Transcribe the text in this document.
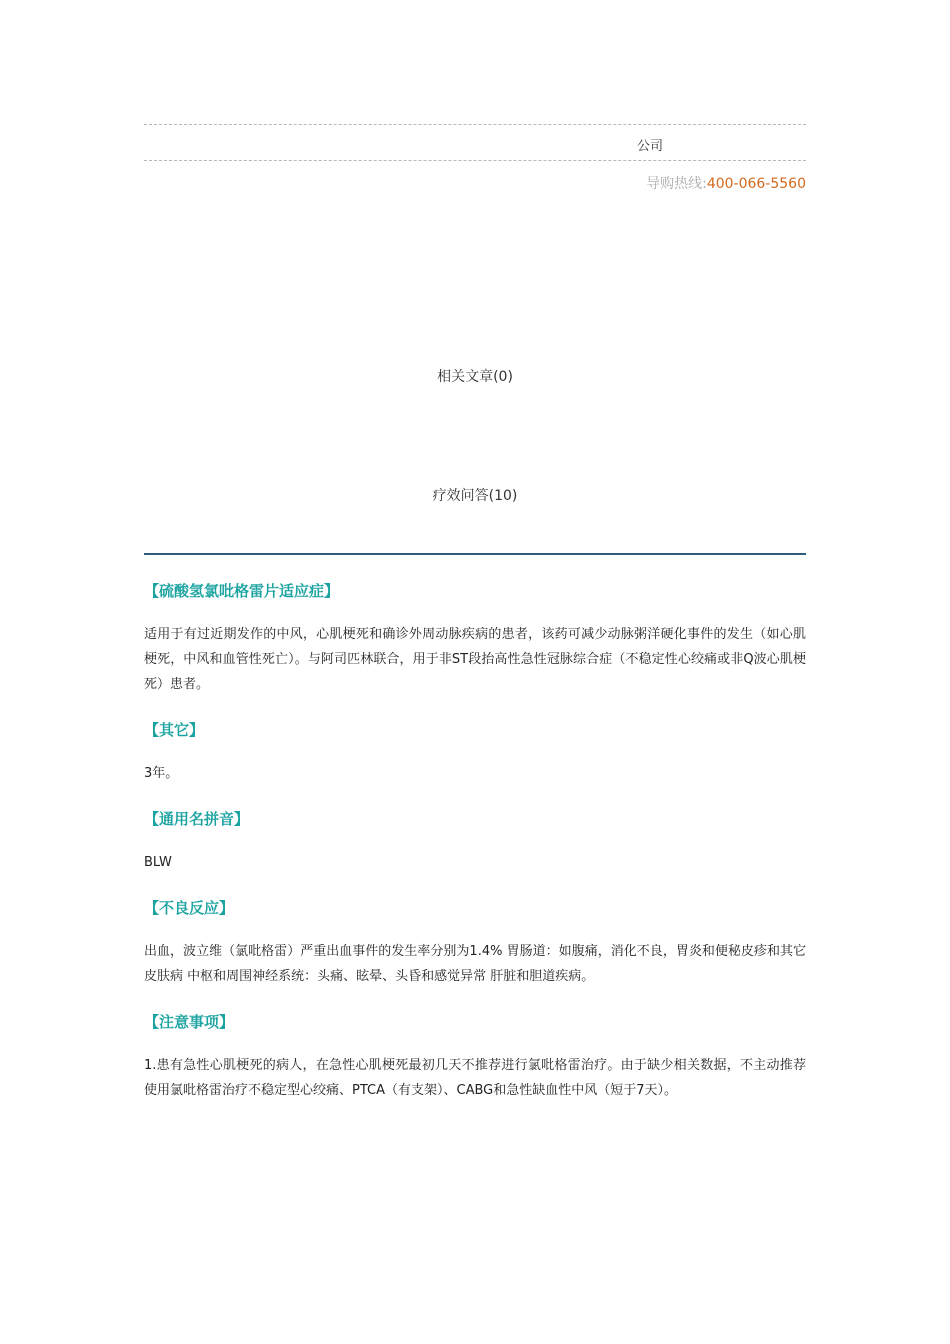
公司
导购热线:400-066-5560
相关文章(0)
疗效问答(10)
【硫酸氢氯吡格雷片适应症】
适用于有过近期发作的中风，心肌梗死和确诊外周动脉疾病的患者，该药可减少动脉粥洋硬化事件的发生（如心肌梗死，中风和血管性死亡）。与阿司匹林联合，用于非ST段抬高性急性冠脉综合症（不稳定性心绞痛或非Q波心肌梗死）患者。
【其它】
3年。
【通用名拼音】
BLW
【不良反应】
出血，波立维（氯吡格雷）严重出血事件的发生率分别为1.4% 胃肠道：如腹痛，消化不良，胃炎和便秘皮疹和其它皮肤病 中枢和周围神经系统：头痛、眩晕、头昏和感觉异常 肝脏和胆道疾病。
【注意事项】
1.患有急性心肌梗死的病人，在急性心肌梗死最初几天不推荐进行氯吡格雷治疗。由于缺少相关数据，不主动推荐使用氯吡格雷治疗不稳定型心绞痛、PTCA（有支架）、CABG和急性缺血性中风（短于7天）。
